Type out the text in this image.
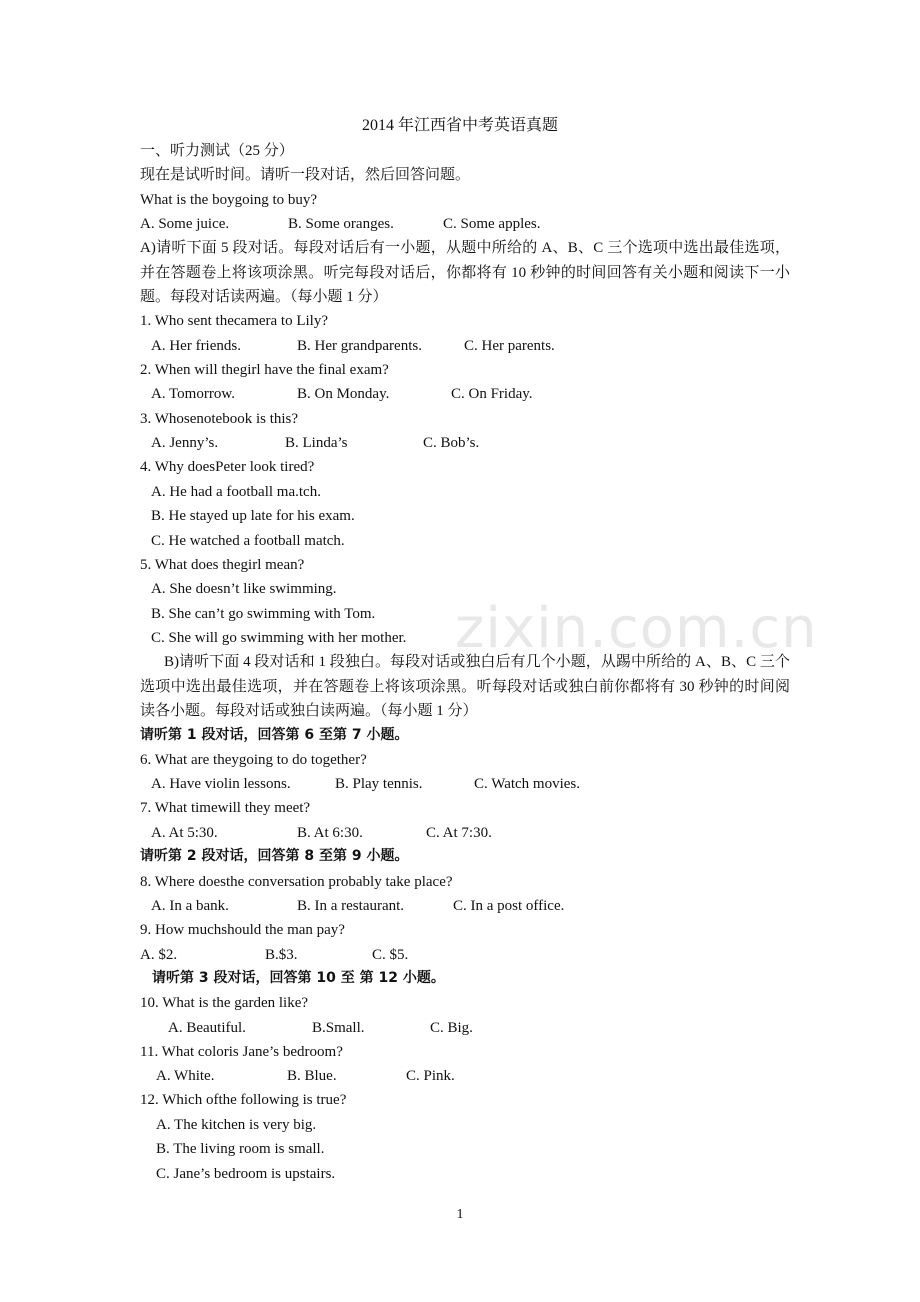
2014 年江西省中考英语真题
一、听力测试（25 分）
现在是试听时间。请听一段对话，然后回答问题。
What is the boygoing to buy?
A. Some juice.	B. Some oranges.	C. Some apples.
A)请听下面 5 段对话。每段对话后有一小题，从题中所给的 A、B、C 三个选项中选出最佳选项，并在答题卷上将该项涂黑。听完每段对话后，你都将有 10 秒钟的时间回答有关小题和阅读下一小题。每段对话读两遍。（每小题 1 分）
1. Who sent thecamera to Lily?
A. Her friends.	B. Her grandparents.	C. Her parents.
2. When will thegirl have the final exam?
A. Tomorrow.	B. On Monday.	C. On Friday.
3. Whosenotebook is this?
A. Jenny’s.	B. Linda’s	C. Bob’s.
4. Why doesPeter look tired?
A. He had a football ma.tch.
B. He stayed up late for his exam.
C. He watched a football match.
5. What does thegirl mean?
A. She doesn’t like swimming.
B. She can’t go swimming with Tom.
C. She will go swimming with her mother.
B)请听下面 4 段对话和 1 段独白。每段对话或独白后有几个小题，从踢中所给的 A、B、C 三个选项中选出最佳选项，并在答题卷上将该项涂黑。听每段对话或独白前你都将有 30 秒钟的时间阅读各小题。每段对话或独白读两遍。（每小题 1 分）
请听第 1 段对话，回答第 6 至第 7 小题。
6. What are theygoing to do together?
A. Have violin lessons.	B. Play tennis.	C. Watch movies.
7. What timewill they meet?
A. At 5:30.	B. At 6:30.	C. At 7:30.
请听第 2 段对话，回答第 8 至第 9 小题。
8. Where doesthe conversation probably take place?
A. In a bank.	B. In a restaurant.	C. In a post office.
9. How muchshould the man pay?
A. $2.	B.$3.	C. $5.
请听第 3 段对话，回答第 10 至 第 12 小题。
10. What is the garden like?
A. Beautiful.	B.Small.	C. Big.
11. What coloris Jane’s bedroom?
A. White.	B. Blue.	C. Pink.
12. Which ofthe following is true?
A. The kitchen is very big.
B. The living room is small.
C. Jane’s bedroom is upstairs.
zixin.com.cn
1
